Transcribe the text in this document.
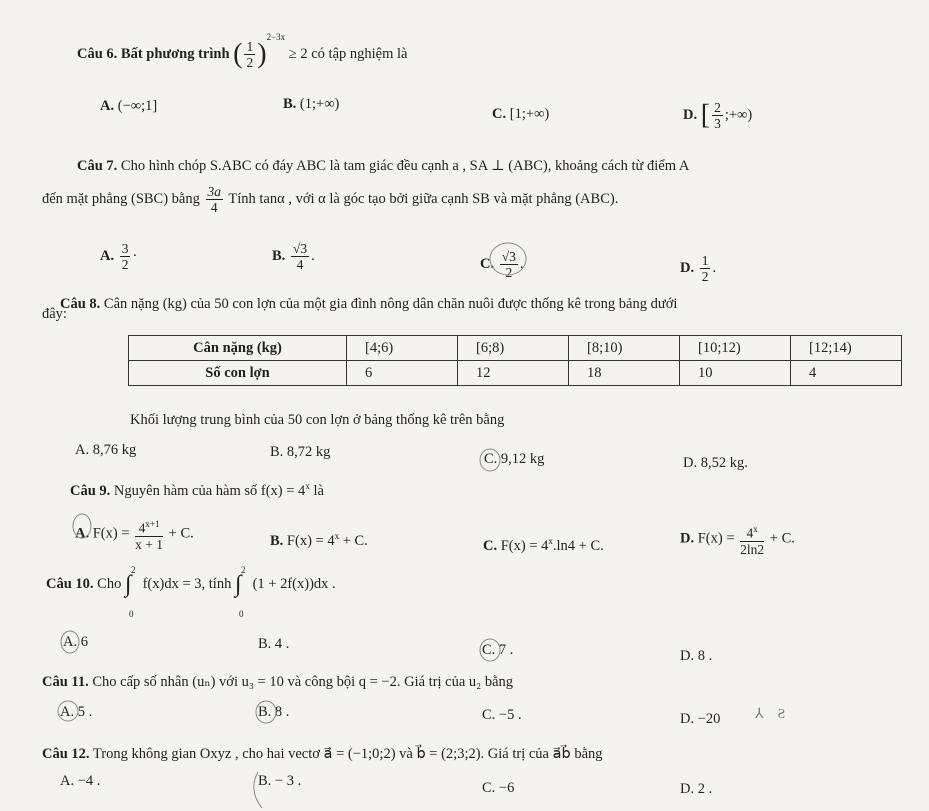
Câu 6. Bất phương trình ( $\frac{1}{2} )^{2-3x} \ge 2$ có tập nghiệm là
A. (−∞;1]	B. (1;+∞)
C. [1;+∞)	D. [ $\frac{2}{3}$ ;+∞)
Câu 7. Cho hình chóp S.ABC có đáy ABC là tam giác đều cạnh a , SA ⊥ (ABC), khoảng cách từ điểm A
đến mặt phẳng (SBC) bằng $\frac{3a}{4}$ Tính tanα , với α là góc tạo bởi giữa cạnh SB và mặt phẳng (ABC).
A. $\frac{3}{2}$ ·	B. $\frac{√3}{4}$ .	C. $\frac{√3}{2}$ .	D. $\frac{1}{2}$ .
Câu 8. Cân nặng (kg) của 50 con lợn của một gia đình nông dân chăn nuôi được thống kê trong bảng dưới
đây:
Cân nặng (kg)	[4;6)	[6;8)	[8;10)	[10;12)	[12;14)
Số con lợn	6	12	18	10	4
Khối lượng trung bình của 50 con lợn ở bảng thống kê trên bằng
A. 8,76 kg	B. 8,72 kg	C. 9,12 kg	D. 8,52 kg.
Câu 9. Nguyên hàm của hàm số $f(x) = 4^x$ là
A. $F(x) = \frac{4^{x+1}}{x + 1} + C$.	B. $F(x) = 4^x + C$.	C. $F(x) = 4^x.\ln 4 + C$.	D. $F(x) = \frac{4^x}{2\ln 2} + C$.
Câu 10. Cho ∫
2
0
f(x)dx = 3, tính ∫
2
0
(1 + 2f(x))dx .
A. 6	B. 4 .	C. 7 .	D. 8 .
Câu 11. Cho cấp số nhân (uₙ) với u₃ = 10 và công bội q = −2. Giá trị của u₂ bằng
A. 5 .	B. 8 .	C. −5 .	D. −20 ⅄    Ƨ
Câu 12. Trong không gian Oxyz , cho hai vectơ a⃗ = (−1;0;2) và b⃗ = (2;3;2). Giá trị của a⃗b⃗ bằng
A. −4 .	B. − 3 .	C. −6	D. 2 .
